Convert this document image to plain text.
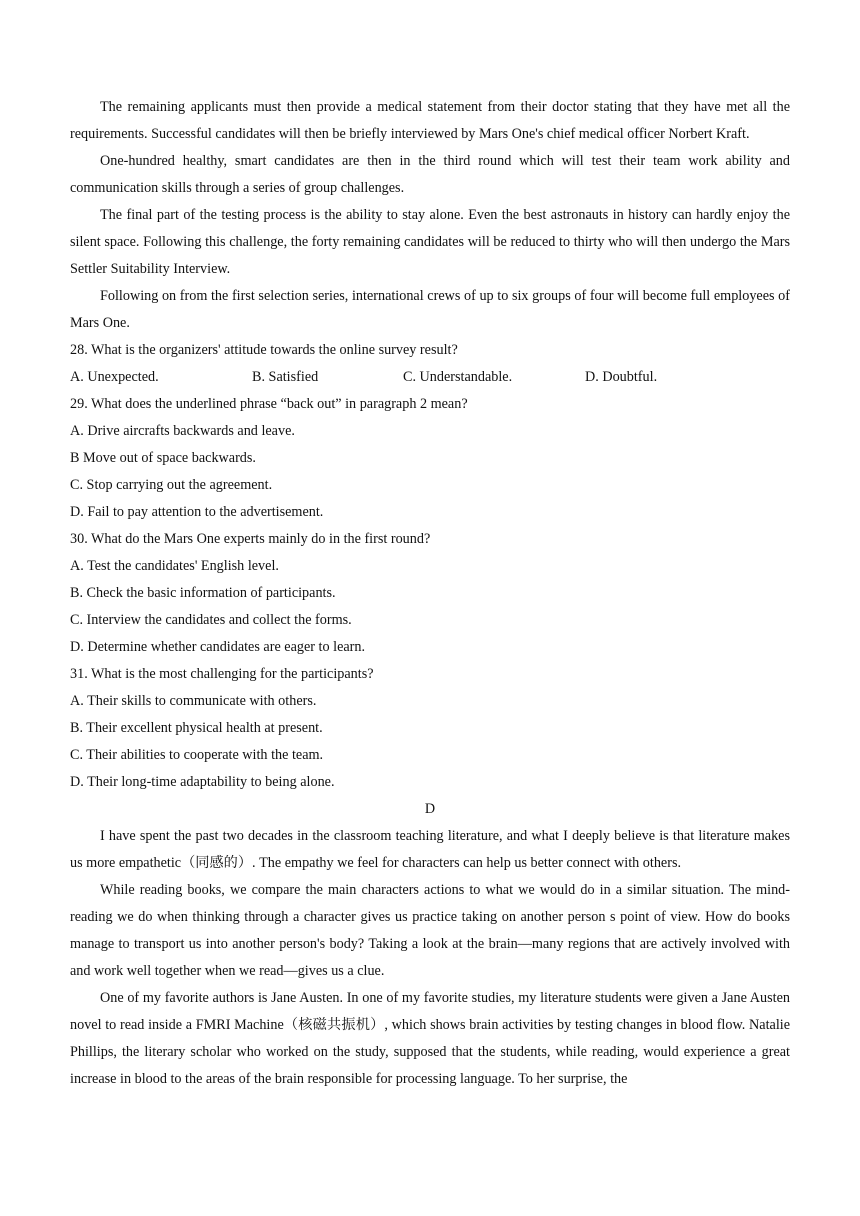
The remaining applicants must then provide a medical statement from their doctor stating that they have met all the requirements. Successful candidates will then be briefly interviewed by Mars One's chief medical officer Norbert Kraft.

One-hundred healthy, smart candidates are then in the third round which will test their team work ability and communication skills through a series of group challenges.

The final part of the testing process is the ability to stay alone. Even the best astronauts in history can hardly enjoy the silent space. Following this challenge, the forty remaining candidates will be reduced to thirty who will then undergo the Mars Settler Suitability Interview.

Following on from the first selection series, international crews of up to six groups of four will become full employees of Mars One.

28. What is the organizers' attitude towards the online survey result?

A. Unexpected.	B. Satisfied	C. Understandable.	D. Doubtful.

29. What does the underlined phrase “back out” in paragraph 2 mean?

A. Drive aircrafts backwards and leave.

B Move out of space backwards.

C. Stop carrying out the agreement.

D. Fail to pay attention to the advertisement.

30. What do the Mars One experts mainly do in the first round?

A. Test the candidates' English level.

B. Check the basic information of participants.

C. Interview the candidates and collect the forms.

D. Determine whether candidates are eager to learn.

31. What is the most challenging for the participants?

A. Their skills to communicate with others.

B. Their excellent physical health at present.

C. Their abilities to cooperate with the team.

D. Their long-time adaptability to being alone.

D

I have spent the past two decades in the classroom teaching literature, and what I deeply believe is that literature makes us more empathetic（同感的）. The empathy we feel for characters can help us better connect with others.

While reading books, we compare the main characters actions to what we would do in a similar situation. The mind-reading we do when thinking through a character gives us practice taking on another person s point of view. How do books manage to transport us into another person's body? Taking a look at the brain—many regions that are actively involved with and work well together when we read—gives us a clue.

One of my favorite authors is Jane Austen. In one of my favorite studies, my literature students were given a Jane Austen novel to read inside a FMRI Machine（核磁共振机）, which shows brain activities by testing changes in blood flow. Natalie Phillips, the literary scholar who worked on the study, supposed that the students, while reading, would experience a great increase in blood to the areas of the brain responsible for processing language. To her surprise, the
